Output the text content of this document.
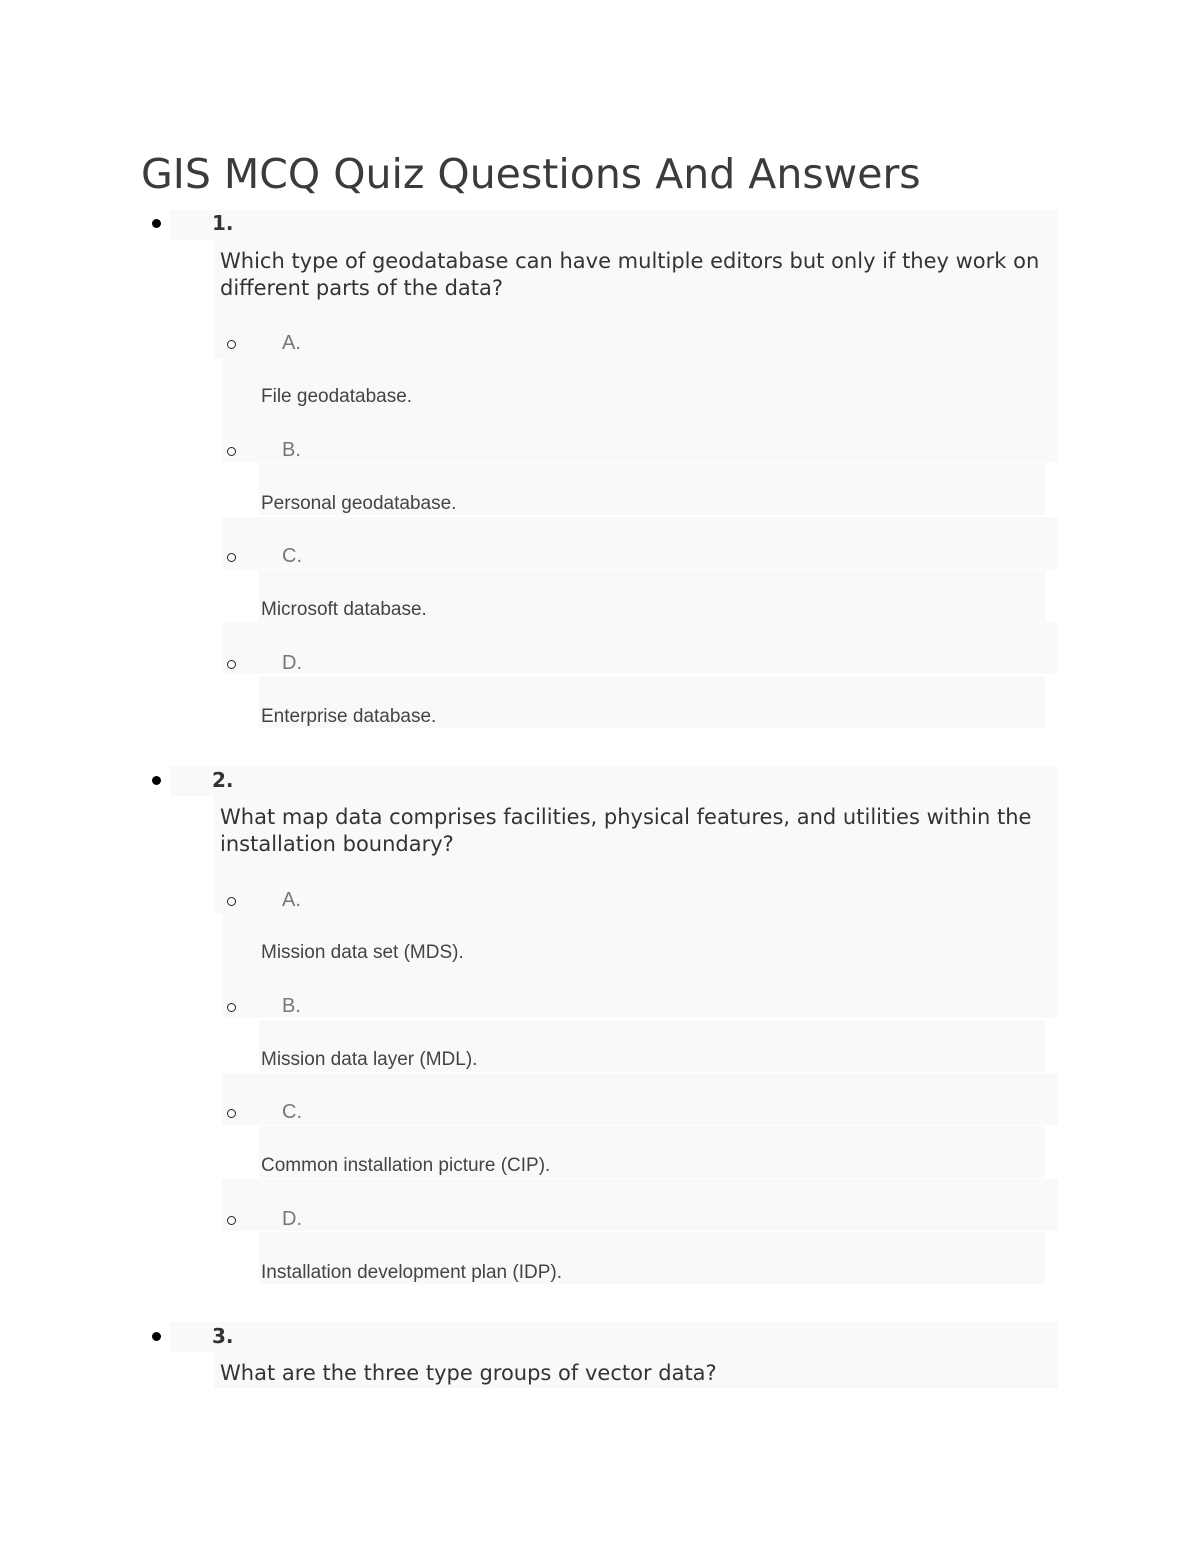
GIS MCQ Quiz Questions And Answers
1.

Which type of geodatabase can have multiple editors but only if they work on different parts of the data?

A.
File geodatabase.
B.
Personal geodatabase.
C.
Microsoft database.
D.
Enterprise database.
2.

What map data comprises facilities, physical features, and utilities within the installation boundary?

A.
Mission data set (MDS).
B.
Mission data layer (MDL).
C.
Common installation picture (CIP).
D.
Installation development plan (IDP).
3.

What are the three type groups of vector data?
